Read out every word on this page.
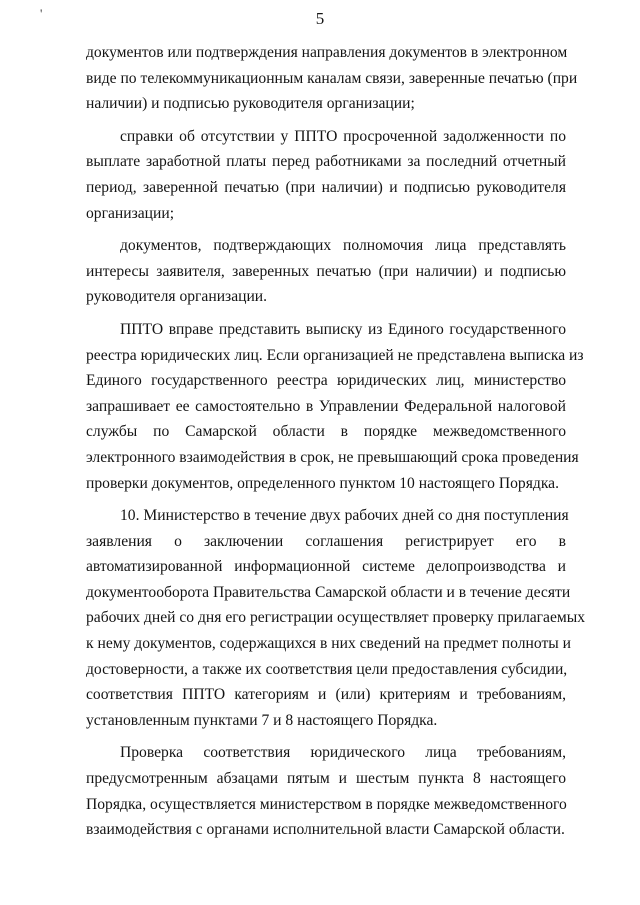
'	5
документов или подтверждения направления документов в электронном
виде по телекоммуникационным каналам связи, заверенные печатью (при
наличии) и подписью руководителя организации;
справки об отсутствии у ППТО просроченной задолженности по
выплате заработной платы перед работниками за последний отчетный
период, заверенной печатью (при наличии) и подписью руководителя
организации;
документов, подтверждающих полномочия лица представлять
интересы заявителя, заверенных печатью (при наличии) и подписью
руководителя организации.
ППТО вправе представить выписку из Единого государственного
реестра юридических лиц. Если организацией не представлена выписка из
Единого государственного реестра юридических лиц, министерство
запрашивает ее самостоятельно в Управлении Федеральной налоговой
службы по Самарской области в порядке межведомственного
электронного взаимодействия в срок, не превышающий срока проведения
проверки документов, определенного пунктом 10 настоящего Порядка.
10. Министерство в течение двух рабочих дней со дня поступления
заявления о заключении соглашения регистрирует его в
автоматизированной информационной системе делопроизводства и
документооборота Правительства Самарской области и в течение десяти
рабочих дней со дня его регистрации осуществляет проверку прилагаемых
к нему документов, содержащихся в них сведений на предмет полноты и
достоверности, а также их соответствия цели предоставления субсидии,
соответствия ППТО категориям и (или) критериям и требованиям,
установленным пунктами 7 и 8 настоящего Порядка.
Проверка соответствия юридического лица требованиям,
предусмотренным абзацами пятым и шестым пункта 8 настоящего
Порядка, осуществляется министерством в порядке межведомственного
взаимодействия с органами исполнительной власти Самарской области.
